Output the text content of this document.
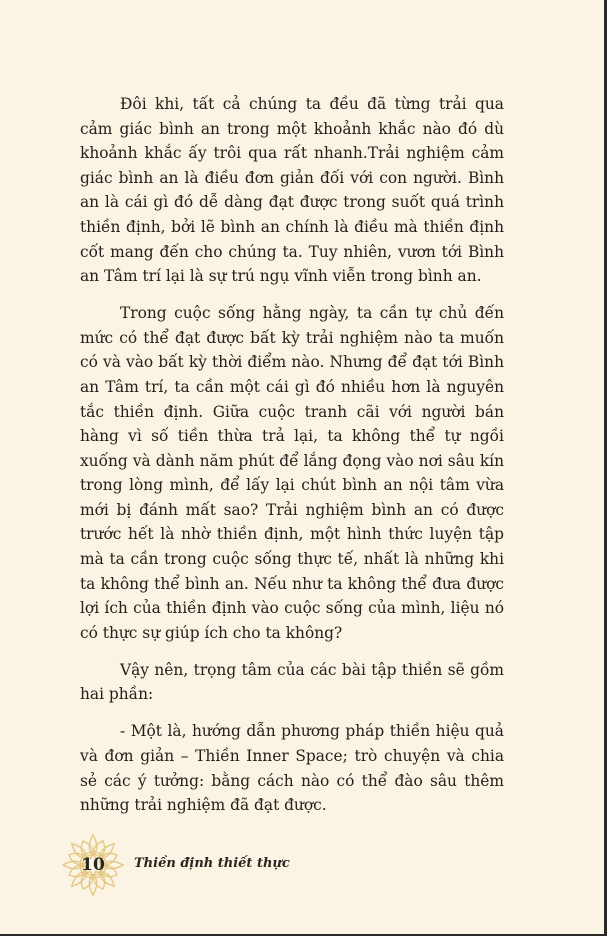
Đôi khi, tất cả chúng ta đều đã từng trải qua cảm giác bình an trong một khoảnh khắc nào đó dù khoảnh khắc ấy trôi qua rất nhanh.Trải nghiệm cảm giác bình an là điều đơn giản đối với con người. Bình an là cái gì đó dễ dàng đạt được trong suốt quá trình thiền định, bởi lẽ bình an chính là điều mà thiền định cốt mang đến cho chúng ta. Tuy nhiên, vươn tới Bình an Tâm trí lại là sự trú ngụ vĩnh viễn trong bình an.

Trong cuộc sống hằng ngày, ta cần tự chủ đến mức có thể đạt được bất kỳ trải nghiệm nào ta muốn có và vào bất kỳ thời điểm nào. Nhưng để đạt tới Bình an Tâm trí, ta cần một cái gì đó nhiều hơn là nguyên tắc thiền định. Giữa cuộc tranh cãi với người bán hàng vì số tiền thừa trả lại, ta không thể tự ngồi xuống và dành năm phút để lắng đọng vào nơi sâu kín trong lòng mình, để lấy lại chút bình an nội tâm vừa mới bị đánh mất sao? Trải nghiệm bình an có được trước hết là nhờ thiền định, một hình thức luyện tập mà ta cần trong cuộc sống thực tế, nhất là những khi ta không thể bình an. Nếu như ta không thể đưa được lợi ích của thiền định vào cuộc sống của mình, liệu nó có thực sự giúp ích cho ta không?

Vậy nên, trọng tâm của các bài tập thiền sẽ gồm hai phần:

- Một là, hướng dẫn phương pháp thiền hiệu quả và đơn giản – Thiền Inner Space; trò chuyện và chia sẻ các ý tưởng: bằng cách nào có thể đào sâu thêm những trải nghiệm đã đạt được.

10	Thiền định thiết thực
